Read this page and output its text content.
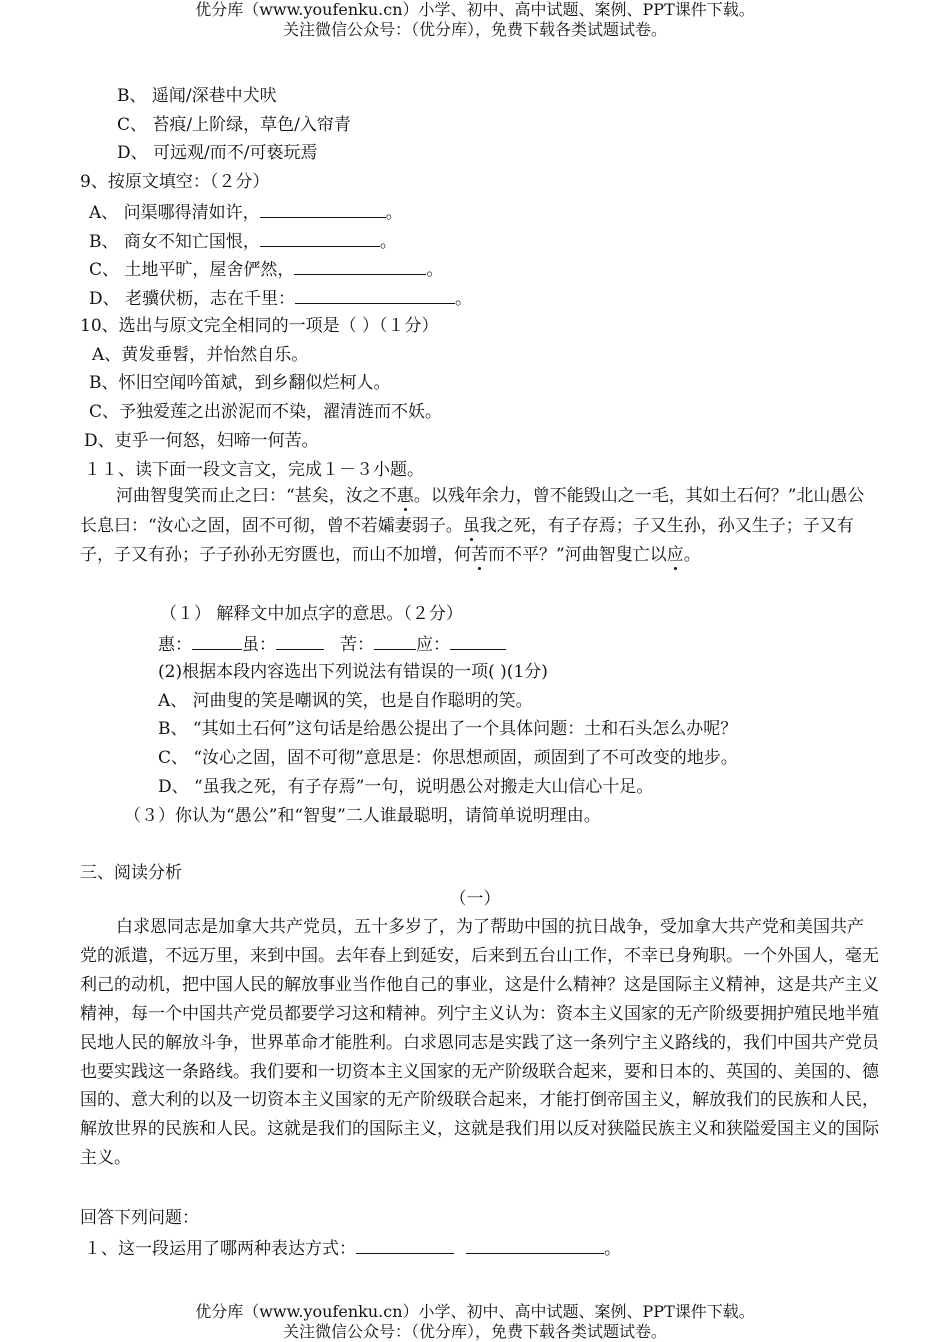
优分库（www.youfenku.cn）小学、初中、高中试题、案例、PPT课件下载。
关注微信公众号：（优分库），免费下载各类试题试卷。
B、 遥闻/深巷中犬吠
C、 苔痕/上阶绿，草色/入帘青
D、 可远观/而不/可亵玩焉
9、按原文填空：（２分）
A、 问渠哪得清如许，	。
B、 商女不知亡国恨，	。
C、 土地平旷，屋舍俨然，	。
D、 老骥伏枥，志在千里：	。
10、选出与原文完全相同的一项是（ ）（１分）
A、黄发垂髫，并怡然自乐。
B、怀旧空闻吟笛斌，到乡翻似烂柯人。
C、予独爱莲之出淤泥而不染，濯清涟而不妖。
D、吏乎一何怒，妇啼一何苦。
１１、读下面一段文言文，完成１－３小题。
河曲智叟笑而止之曰：“甚矣，汝之不惠。以残年余力，曾不能毁山之一毛，其如土石何？”北山愚公长息曰：“汝心之固，固不可彻，曾不若孀妻弱子。虽我之死，有子存焉；子又生孙，孙又生子；子又有子，子又有孙；子子孙孙无穷匮也，而山不加增，何苦而不平？”河曲智叟亡以应。
（１） 解释文中加点字的意思。（２分）
惠：	虽：	苦： 应：
(2)根据本段内容选出下列说法有错误的一项( )(1分)
A、 河曲叟的笑是嘲讽的笑，也是自作聪明的笑。
B、 “其如土石何”这句话是给愚公提出了一个具体问题：土和石头怎么办呢？
C、 “汝心之固，固不可彻”意思是：你思想顽固，顽固到了不可改变的地步。
D、 “虽我之死，有子存焉”一句，说明愚公对搬走大山信心十足。
（３）你认为“愚公”和“智叟”二人谁最聪明，请简单说明理由。
三、阅读分析
（一）
白求恩同志是加拿大共产党员，五十多岁了，为了帮助中国的抗日战争，受加拿大共产党和美国共产党的派遣，不远万里，来到中国。去年春上到延安，后来到五台山工作，不幸已身殉职。一个外国人，毫无利己的动机，把中国人民的解放事业当作他自己的事业，这是什么精神？这是国际主义精神，这是共产主义精神，每一个中国共产党员都要学习这和精神。列宁主义认为：资本主义国家的无产阶级要拥护殖民地半殖民地人民的解放斗争，世界革命才能胜利。白求恩同志是实践了这一条列宁主义路线的，我们中国共产党员也要实践这一条路线。我们要和一切资本主义国家的无产阶级联合起来，要和日本的、英国的、美国的、德国的、意大利的以及一切资本主义国家的无产阶级联合起来，才能打倒帝国主义，解放我们的民族和人民，解放世界的民族和人民。这就是我们的国际主义，这就是我们用以反对狭隘民族主义和狭隘爱国主义的国际主义。
回答下列问题：
１、这一段运用了哪两种表达方式：	。
优分库（www.youfenku.cn）小学、初中、高中试题、案例、PPT课件下载。
关注微信公众号：（优分库），免费下载各类试题试卷。
